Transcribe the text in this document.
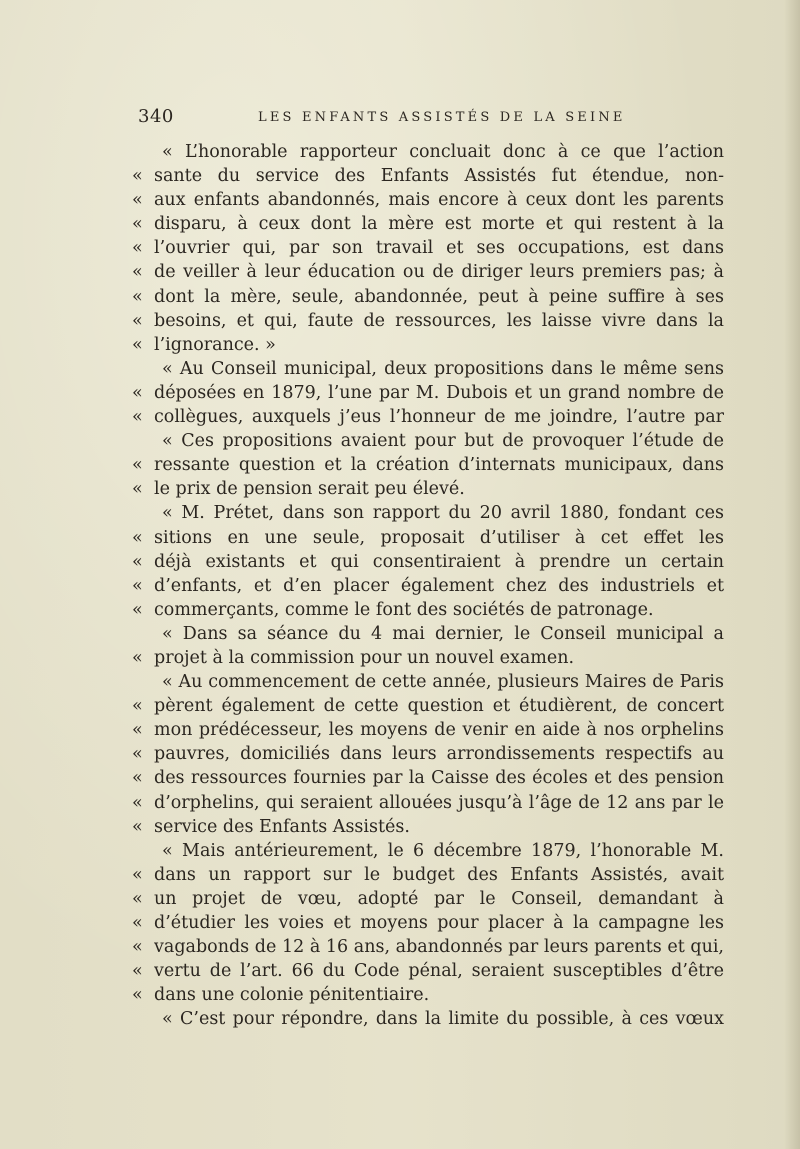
340	LES ENFANTS ASSISTÉS DE LA SEINE
« L’honorable rapporteur concluait donc à ce que l’action
« sante du service des Enfants Assistés fut étendue, non-
« aux enfants abandonnés, mais encore à ceux dont les parents
« disparu, à ceux dont la mère est morte et qui restent à la
« l’ouvrier qui, par son travail et ses occupations, est dans
« de veiller à leur éducation ou de diriger leurs premiers pas; à
« dont la mère, seule, abandonnée, peut à peine suffire à ses
« besoins, et qui, faute de ressources, les laisse vivre dans la
« l’ignorance. »
« Au Conseil municipal, deux propositions dans le même sens
« déposées en 1879, l’une par M. Dubois et un grand nombre de
« collègues, auxquels j’eus l’honneur de me joindre, l’autre par
« Ces propositions avaient pour but de provoquer l’étude de
« ressante question et la création d’internats municipaux, dans
« le prix de pension serait peu élevé.
« M. Prétet, dans son rapport du 20 avril 1880, fondant ces
« sitions en une seule, proposait d’utiliser à cet effet les
« déjà existants et qui consentiraient à prendre un certain
« d’enfants, et d’en placer également chez des industriels et
« commerçants, comme le font des sociétés de patronage.
« Dans sa séance du 4 mai dernier, le Conseil municipal a
« projet à la commission pour un nouvel examen.
« Au commencement de cette année, plusieurs Maires de Paris
« pèrent également de cette question et étudièrent, de concert
« mon prédécesseur, les moyens de venir en aide à nos orphelins
« pauvres, domiciliés dans leurs arrondissements respectifs au
« des ressources fournies par la Caisse des écoles et des pension
« d’orphelins, qui seraient allouées jusqu’à l’âge de 12 ans par le
« service des Enfants Assistés.
« Mais antérieurement, le 6 décembre 1879, l’honorable M.
« dans un rapport sur le budget des Enfants Assistés, avait
« un projet de vœu, adopté par le Conseil, demandant à
« d’étudier les voies et moyens pour placer à la campagne les
« vagabonds de 12 à 16 ans, abandonnés par leurs parents et qui,
« vertu de l’art. 66 du Code pénal, seraient susceptibles d’être
« dans une colonie pénitentiaire.
« C’est pour répondre, dans la limite du possible, à ces vœux
